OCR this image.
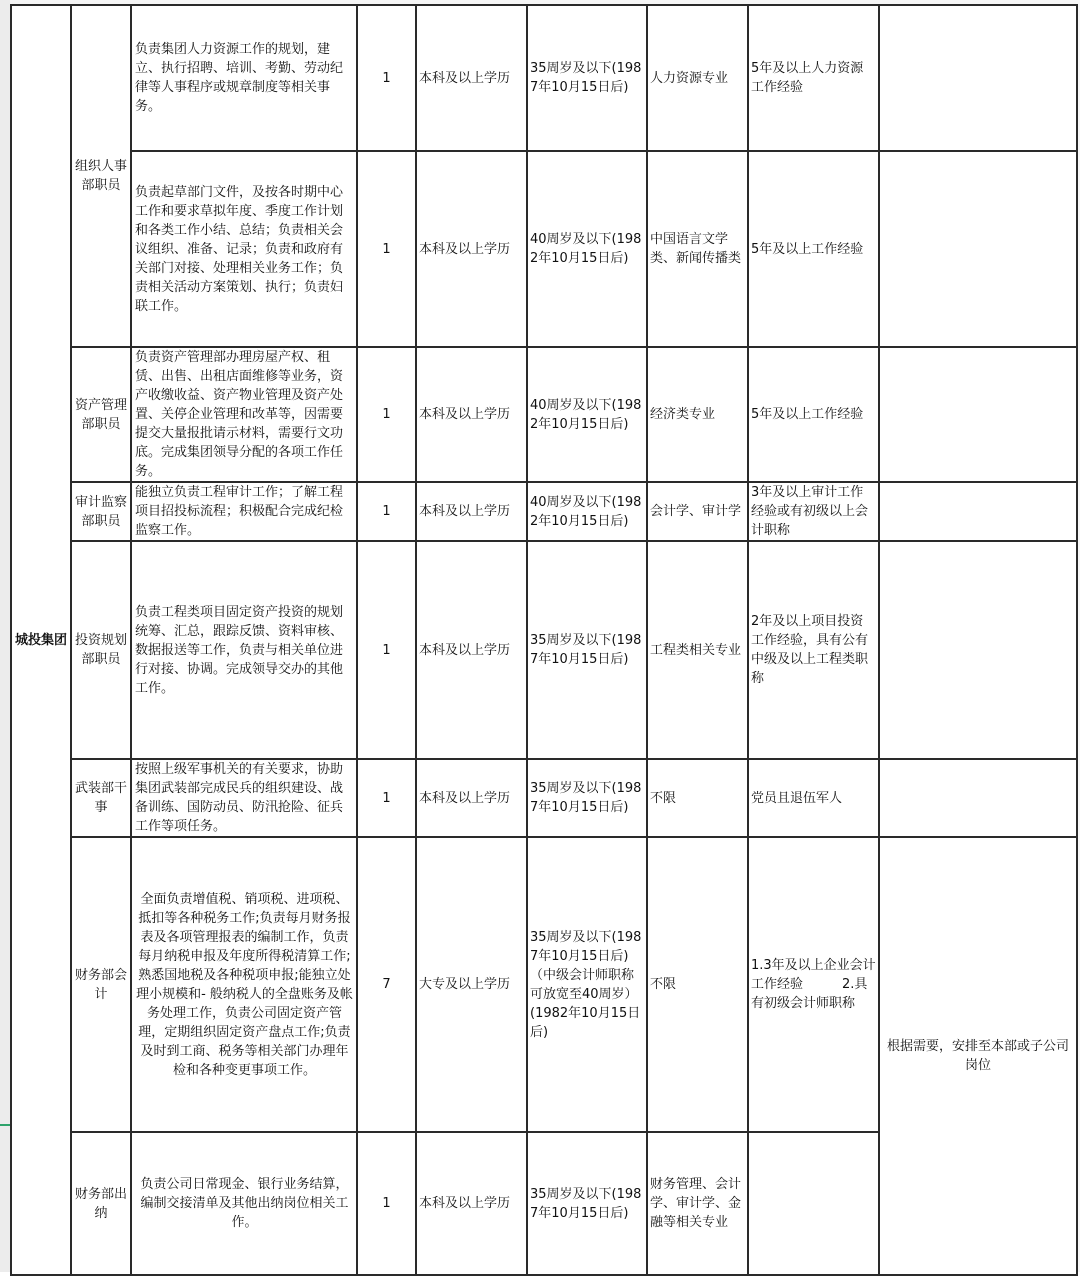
城投集团	组织人事部职员	负责集团人力资源工作的规划，建立、执行招聘、培训、考勤、劳动纪律等人事程序或规章制度等相关事务。	1	本科及以上学历	35周岁及以下(1987年10月15日后)	人力资源专业	5年及以上人力资源工作经验	
		负责起草部门文件，及按各时期中心工作和要求草拟年度、季度工作计划和各类工作小结、总结；负责相关会议组织、准备、记录；负责和政府有关部门对接、处理相关业务工作；负责相关活动方案策划、执行；负责妇联工作。	1	本科及以上学历	40周岁及以下(1982年10月15日后)	中国语言文学类、新闻传播类	5年及以上工作经验	
	资产管理部职员	负责资产管理部办理房屋产权、租赁、出售、出租店面维修等业务，资产收缴收益、资产物业管理及资产处置、关停企业管理和改革等，因需要提交大量报批请示材料，需要行文功底。完成集团领导分配的各项工作任务。	1	本科及以上学历	40周岁及以下(1982年10月15日后)	经济类专业	5年及以上工作经验	
	审计监察部职员	能独立负责工程审计工作；了解工程项目招投标流程；积极配合完成纪检监察工作。	1	本科及以上学历	40周岁及以下(1982年10月15日后)	会计学、审计学	3年及以上审计工作经验或有初级以上会计职称	
	投资规划部职员	负责工程类项目固定资产投资的规划统筹、汇总，跟踪反馈、资料审核、数据报送等工作，负责与相关单位进行对接、协调。完成领导交办的其他工作。	1	本科及以上学历	35周岁及以下(1987年10月15日后)	工程类相关专业	2年及以上项目投资工作经验，具有公有中级及以上工程类职称	
	武装部干事	按照上级军事机关的有关要求，协助集团武装部完成民兵的组织建设、战备训练、国防动员、防汛抢险、征兵工作等项任务。	1	本科及以上学历	35周岁及以下(1987年10月15日后)	不限	党员且退伍军人	
	财务部会计	全面负责增值税、销项税、进项税、抵扣等各种税务工作;负责每月财务报表及各项管理报表的编制工作，负责每月纳税申报及年度所得税清算工作;熟悉国地税及各种税项申报;能独立处理小规模和- 般纳税人的全盘账务及帐务处理工作，负责公司固定资产管理，定期组织固定资产盘点工作;负责及时到工商、税务等相关部门办理年检和各种变更事项工作。	7	大专及以上学历	35周岁及以下(1987年10月15日后)（中级会计师职称可放宽至40周岁）(1982年10月15日后)	不限	1.3年及以上企业会计工作经验　　　2.具有初级会计师职称	根据需要，安排至本部或子公司岗位
	财务部出纳	负责公司日常现金、银行业务结算，编制交接清单及其他出纳岗位相关工作。	1	本科及以上学历	35周岁及以下(1987年10月15日后)	财务管理、会计学、审计学、金融等相关专业		
